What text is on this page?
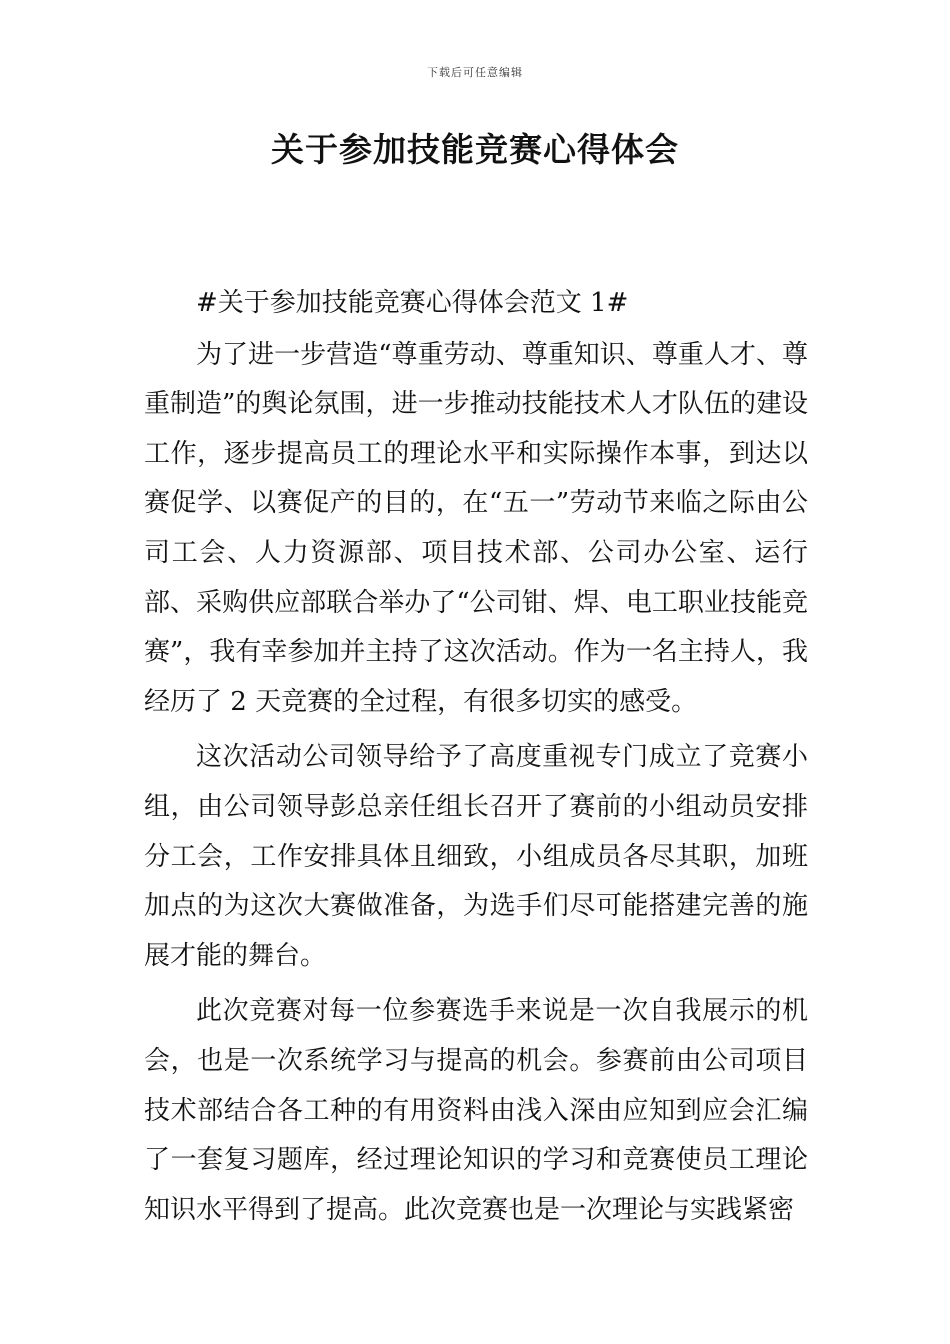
下载后可任意编辑
关于参加技能竞赛心得体会

#关于参加技能竞赛心得体会范文 1#

为了进一步营造“尊重劳动、尊重知识、尊重人才、尊重制造”的舆论氛围，进一步推动技能技术人才队伍的建设工作，逐步提高员工的理论水平和实际操作本事，到达以赛促学、以赛促产的目的，在“五一”劳动节来临之际由公司工会、人力资源部、项目技术部、公司办公室、运行部、采购供应部联合举办了“公司钳、焊、电工职业技能竞赛”，我有幸参加并主持了这次活动。作为一名主持人，我经历了 2 天竞赛的全过程，有很多切实的感受。

这次活动公司领导给予了高度重视专门成立了竞赛小组，由公司领导彭总亲任组长召开了赛前的小组动员安排分工会，工作安排具体且细致，小组成员各尽其职，加班加点的为这次大赛做准备，为选手们尽可能搭建完善的施展才能的舞台。

此次竞赛对每一位参赛选手来说是一次自我展示的机会，也是一次系统学习与提高的机会。参赛前由公司项目技术部结合各工种的有用资料由浅入深由应知到应会汇编了一套复习题库，经过理论知识的学习和竞赛使员工理论知识水平得到了提高。此次竞赛也是一次理论与实践紧密
